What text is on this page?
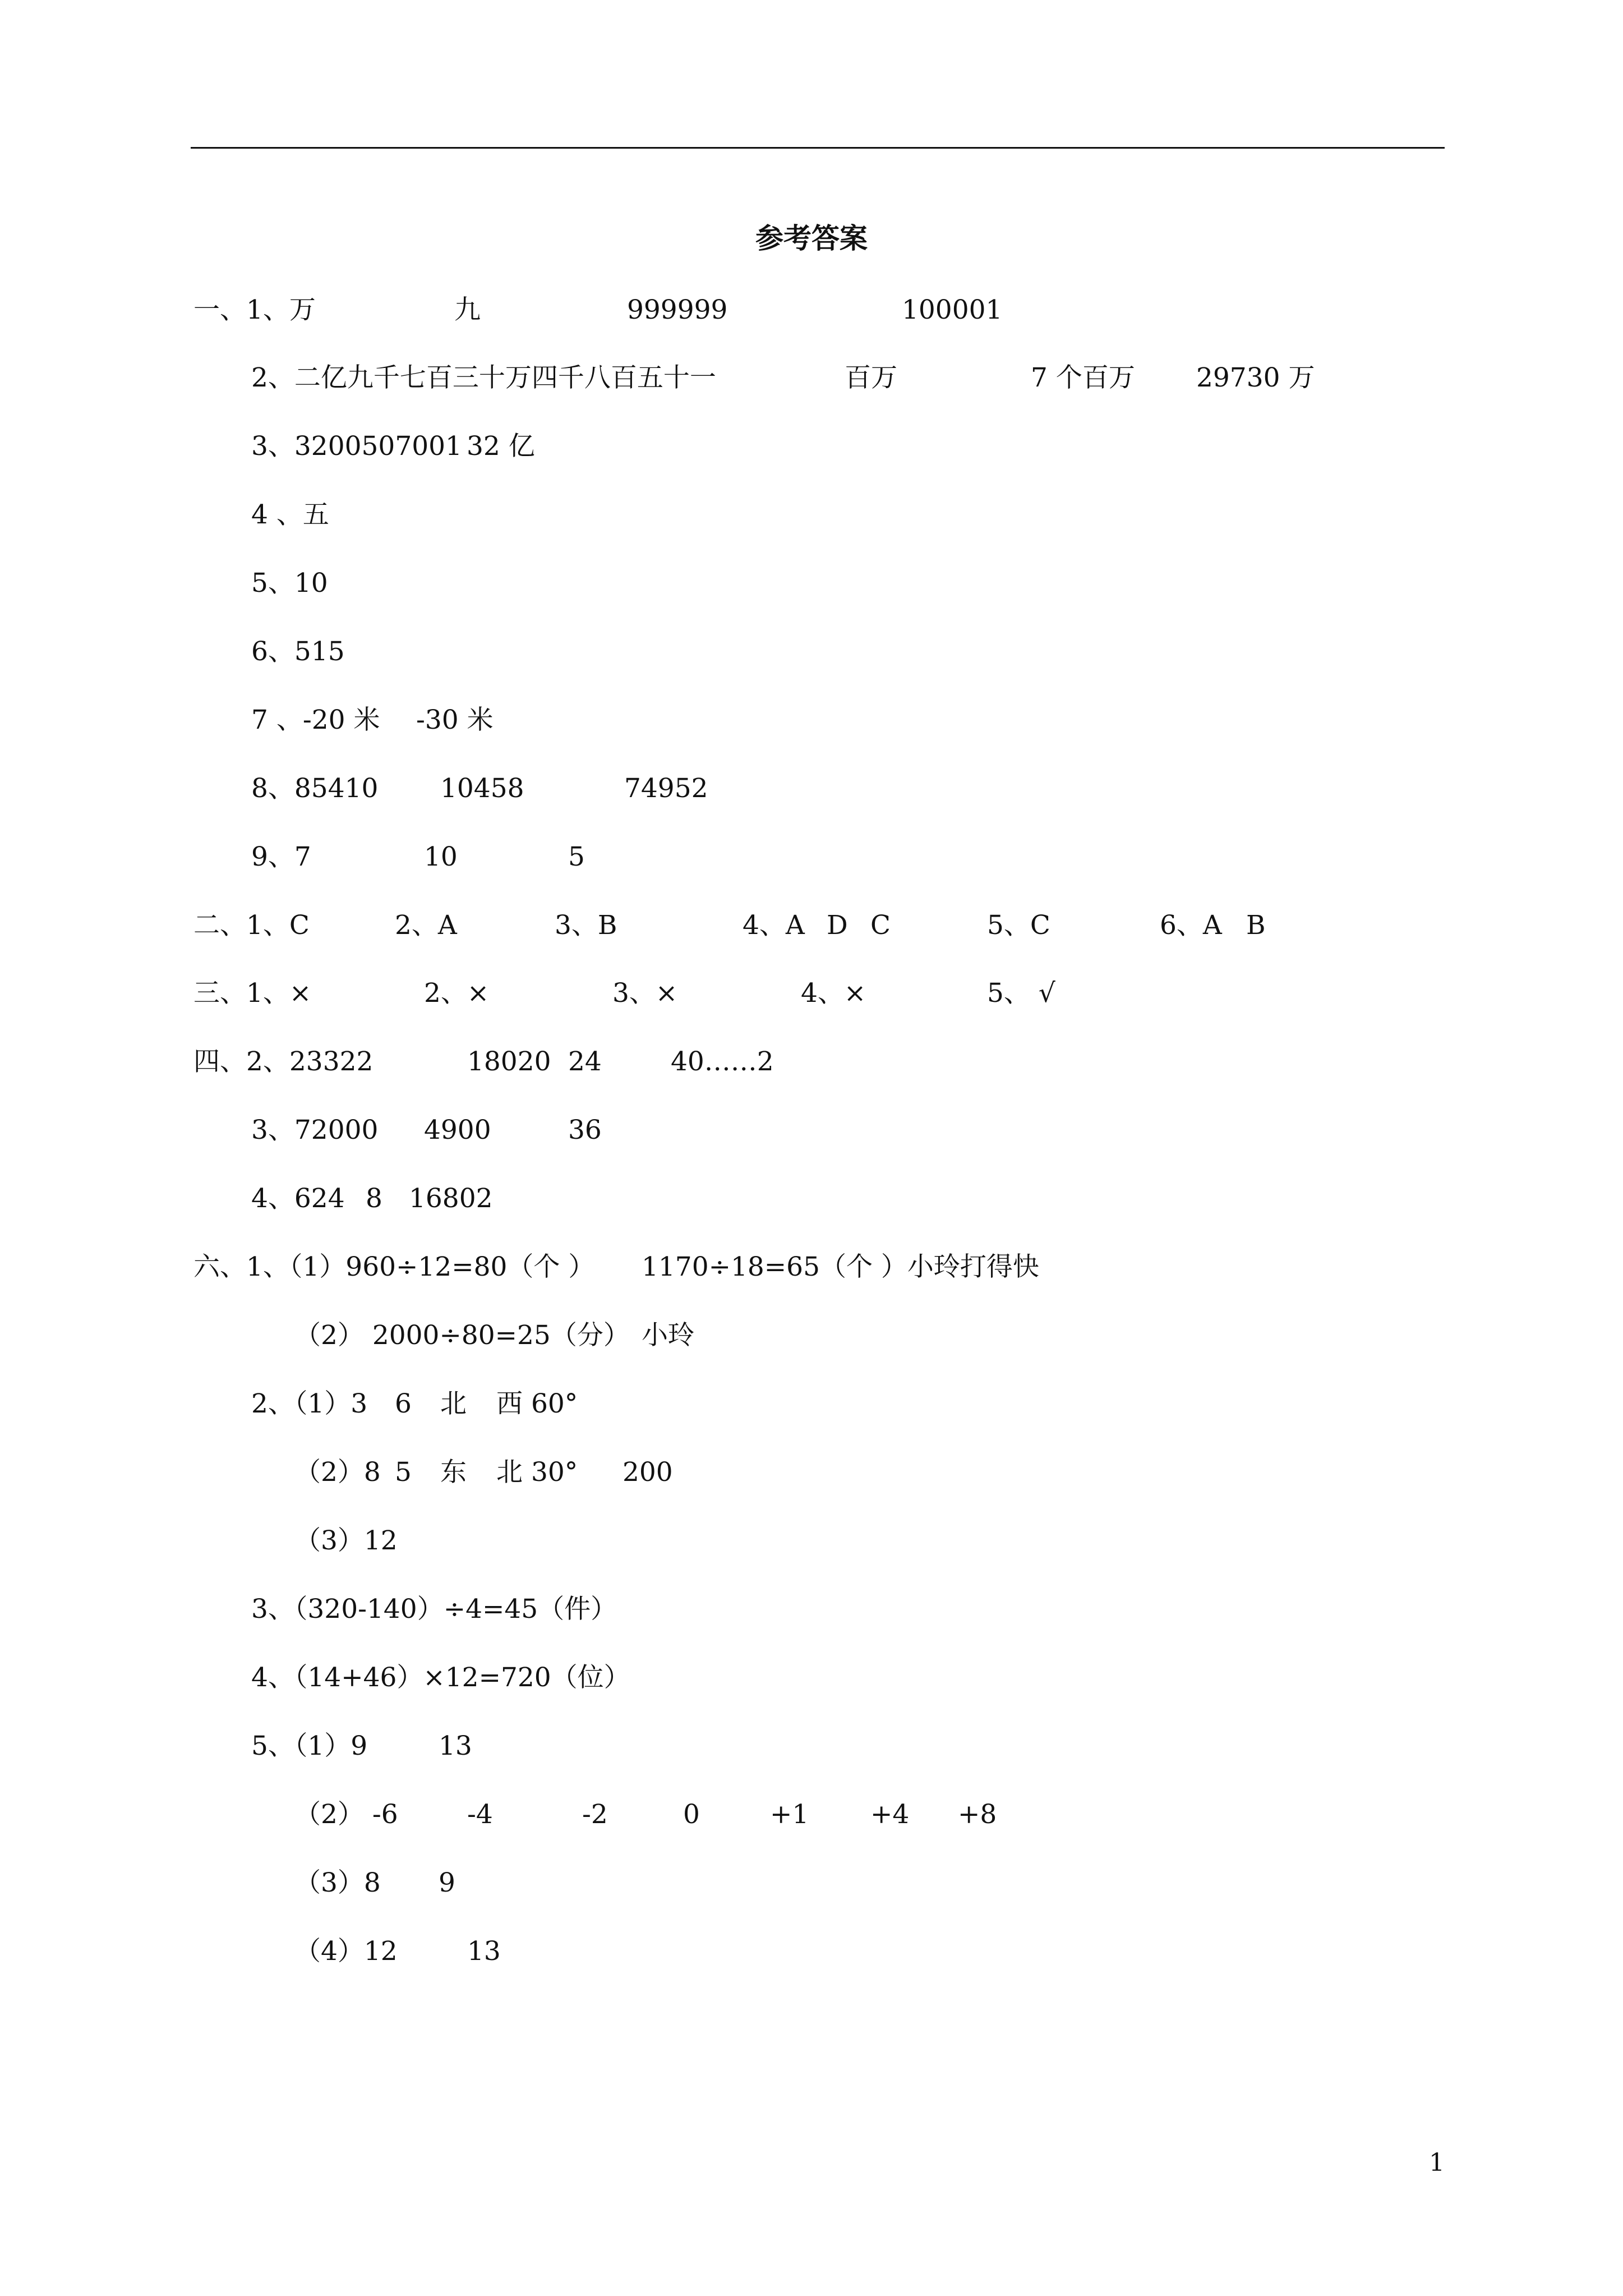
参考答案
一、1、万	九	999999	100001
2、二亿九千七百三十万四千八百五十一	百万	7 个百万 29730 万
3、3200507001 32 亿
4 、五
5、10
6、515
7 、-20 米 -30 米
8、85410 10458	74952
9、7	10	5
二、1、C	2、A	3、B	4、A D C	5、C	6、A B
三、1、×	2、×	3、×	4、×	5、 √
四、2、23322	18020 24	40……2
3、72000 4900	36
4、624 8 16802
六、1、（1）960÷12=80（个 ） 1170÷18=65（个 ）小玲打得快
（2） 2000÷80=25（分） 小玲
2、（1）3 6 北 西 60°
（2）8 5 东 北 30° 200
（3）12
3、（320-140）÷4=45（件）
4、（14+46）×12=720（位）
5、（1）9	13
（2） -6	-4	-2	0	+1 +4 +8
（3）8 9
（4）12	13
1
